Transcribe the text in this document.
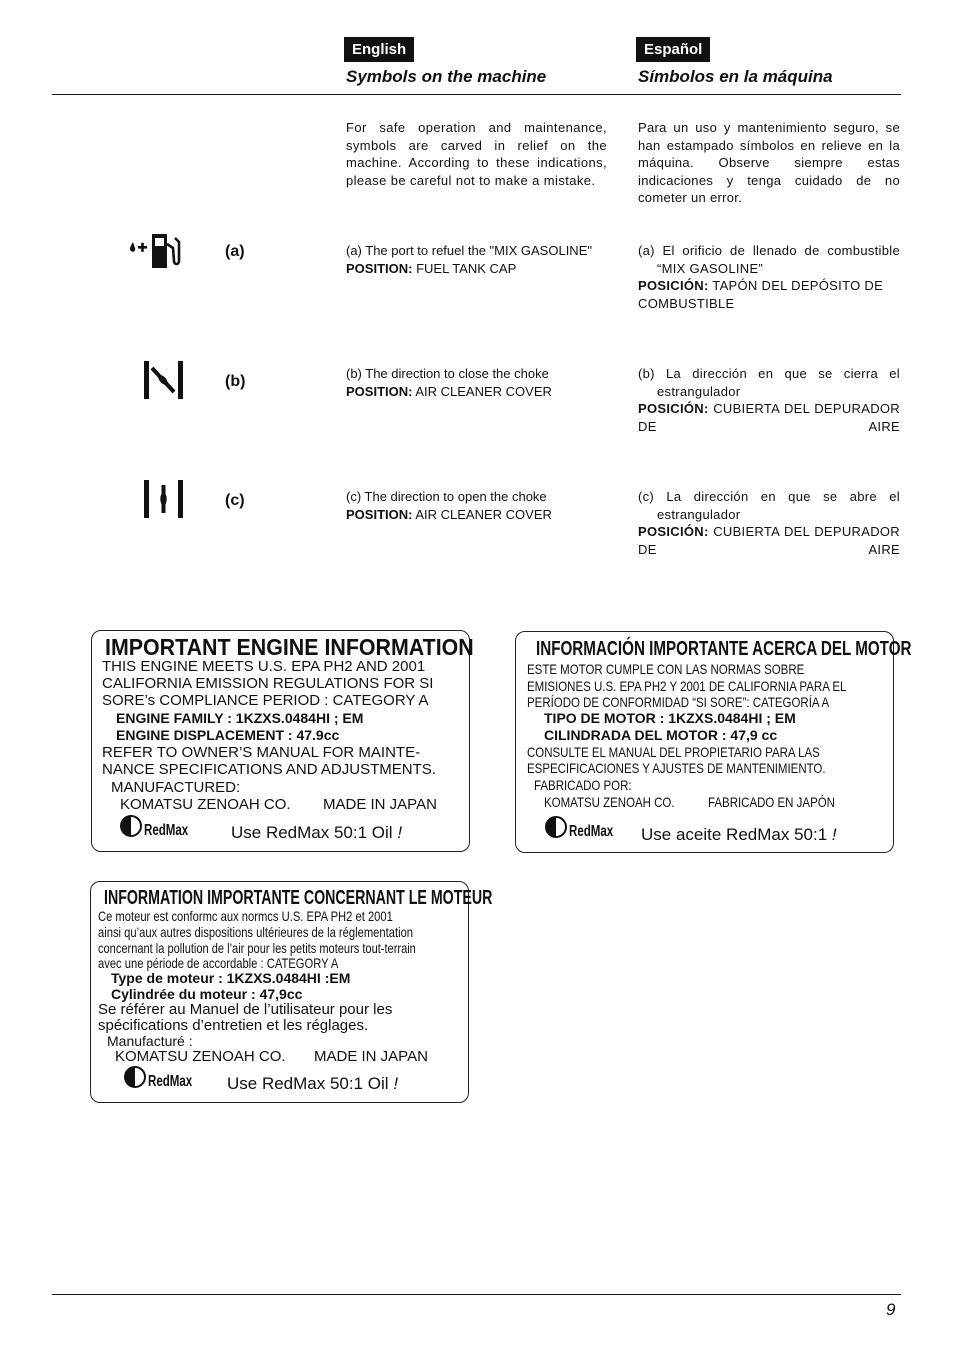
English	Español
Symbols on the machine	Símbolos en la máquina
For safe operation and maintenance, symbols are carved in relief on the machine. According to these indications, please be careful not to make a mistake.
Para un uso y mantenimiento seguro, se han estampado símbolos en relieve en la máquina. Observe siempre estas indicaciones y tenga cuidado de no cometer un error.
(a)	(a) The port to refuel the "MIX GASOLINE"
POSITION: FUEL TANK CAP
(a) El orificio de llenado de combustible “MIX GASOLINE”
POSICIÓN: TAPÓN DEL DEPÓSITO DE COMBUSTIBLE
(b)	(b) The direction to close the choke
POSITION: AIR CLEANER COVER
(b) La dirección en que se cierra el estrangulador
POSICIÓN: CUBIERTA DEL DEPURADOR DE AIRE
(c)	(c) The direction to open the choke
POSITION: AIR CLEANER COVER
(c) La dirección en que se abre el estrangulador
POSICIÓN: CUBIERTA DEL DEPURADOR DE AIRE
IMPORTANT ENGINE INFORMATION
THIS ENGINE MEETS U.S. EPA PH2 AND 2001
CALIFORNIA EMISSION REGULATIONS FOR SI
SORE’s COMPLIANCE PERIOD : CATEGORY A
ENGINE FAMILY : 1KZXS.0484HI ; EM
ENGINE DISPLACEMENT : 47.9cc
REFER TO OWNER’S MANUAL FOR MAINTE-
NANCE SPECIFICATIONS AND ADJUSTMENTS.
MANUFACTURED:
KOMATSU ZENOAH CO. MADE IN JAPAN
RedMax	Use RedMax 50:1 Oil !
INFORMACIÓN IMPORTANTE ACERCA DEL MOTOR
ESTE MOTOR CUMPLE CON LAS NORMAS SOBRE
EMISIONES U.S. EPA PH2 Y 2001 DE CALIFORNIA PARA EL
PERÍODO DE CONFORMIDAD “SI SORE”: CATEGORÍA A
TIPO DE MOTOR : 1KZXS.0484HI ; EM
CILINDRADA DEL MOTOR : 47,9 cc
CONSULTE EL MANUAL DEL PROPIETARIO PARA LAS
ESPECIFICACIONES Y AJUSTES DE MANTENIMIENTO.
FABRICADO POR:
KOMATSU ZENOAH CO.	FABRICADO EN JAPÓN
RedMax Use aceite RedMax 50:1 !
INFORMATION IMPORTANTE CONCERNANT LE MOTEUR
Ce moteur est conformc aux normcs U.S. EPA PH2 et 2001
ainsi qu’aux autres dispositions ultérieures de la réglementation
concernant la pollution de l’air pour les petits moteurs tout-terrain
avec une période de accordable : CATEGORY A
Type de moteur : 1KZXS.0484HI :EM
Cylindrée du moteur : 47,9cc
Se référer au Manuel de l’utilisateur pour les
spécifications d’entretien et les réglages.
Manufacturé :
KOMATSU ZENOAH CO. MADE IN JAPAN
RedMax Use RedMax 50:1 Oil !
9
